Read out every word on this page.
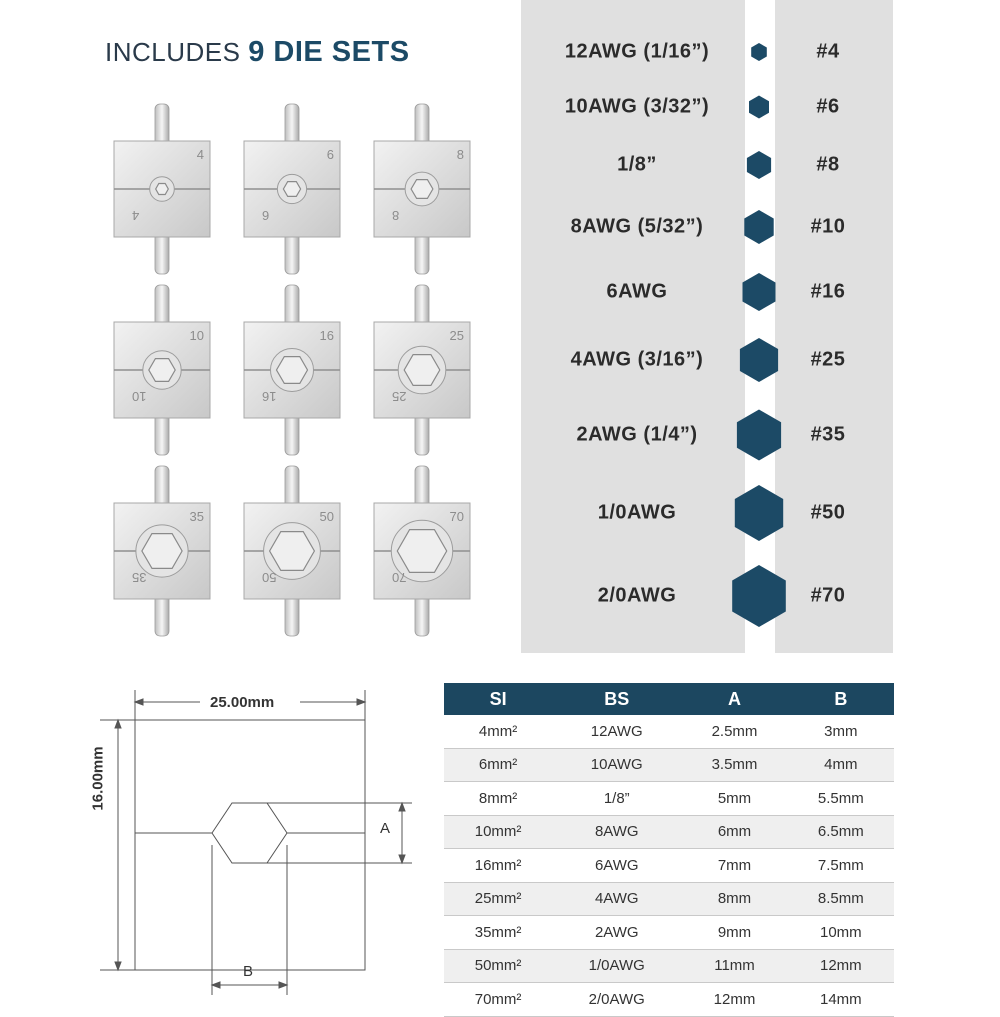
INCLUDES 9 DIE SETS
4
4
6
6
8
8
10
10
16
16
25
25
35
35
50
50
70
70
12AWG (1/16”)	#4
10AWG (3/32”)	#6
1/8”	#8
8AWG (5/32”)	#10
6AWG	#16
4AWG (3/16”)	#25
2AWG (1/4”)	#35
1/0AWG	#50
2/0AWG	#70
25.00mm
16.00mm
A
B
SI	BS	A	B
4mm²	12AWG	2.5mm	3mm
6mm²	10AWG	3.5mm	4mm
8mm²	1/8”	5mm	5.5mm
10mm²	8AWG	6mm	6.5mm
16mm²	6AWG	7mm	7.5mm
25mm²	4AWG	8mm	8.5mm
35mm²	2AWG	9mm	10mm
50mm²	1/0AWG	11mm	12mm
70mm²	2/0AWG	12mm	14mm
